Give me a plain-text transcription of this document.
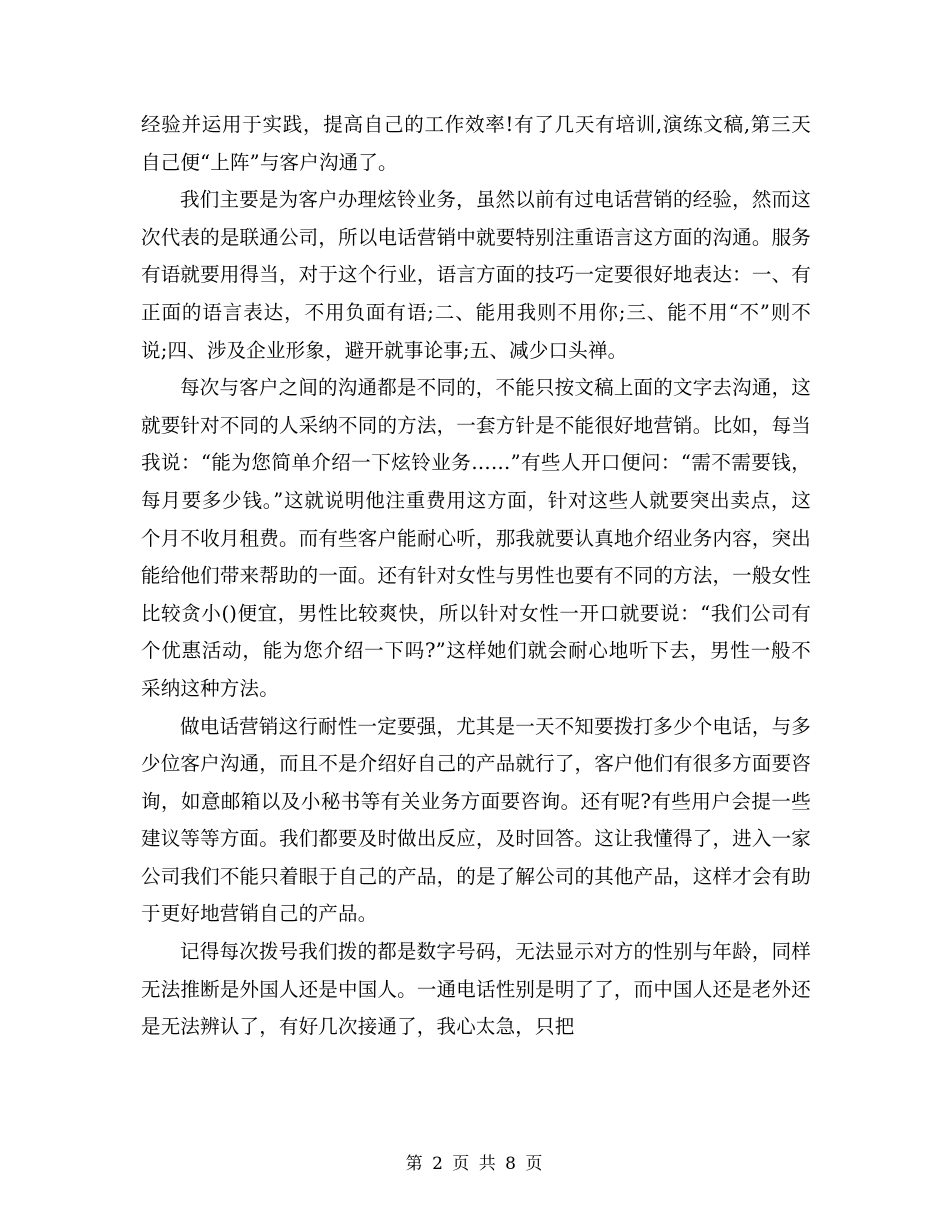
经验并运用于实践，提高自己的工作效率!有了几天有培训,演练文稿,第三天自己便“上阵”与客户沟通了。

我们主要是为客户办理炫铃业务，虽然以前有过电话营销的经验，然而这次代表的是联通公司，所以电话营销中就要特别注重语言这方面的沟通。服务有语就要用得当，对于这个行业，语言方面的技巧一定要很好地表达：一、有正面的语言表达，不用负面有语;二、能用我则不用你;三、能不用“不”则不说;四、涉及企业形象，避开就事论事;五、减少口头禅。

每次与客户之间的沟通都是不同的，不能只按文稿上面的文字去沟通，这就要针对不同的人采纳不同的方法，一套方针是不能很好地营销。比如，每当我说：“能为您简单介绍一下炫铃业务……”有些人开口便问：“需不需要钱，每月要多少钱。”这就说明他注重费用这方面，针对这些人就要突出卖点，这个月不收月租费。而有些客户能耐心听，那我就要认真地介绍业务内容，突出能给他们带来帮助的一面。还有针对女性与男性也要有不同的方法，一般女性比较贪小()便宜，男性比较爽快，所以针对女性一开口就要说：“我们公司有个优惠活动，能为您介绍一下吗?”这样她们就会耐心地听下去，男性一般不采纳这种方法。

做电话营销这行耐性一定要强，尤其是一天不知要拨打多少个电话，与多少位客户沟通，而且不是介绍好自己的产品就行了，客户他们有很多方面要咨询，如意邮箱以及小秘书等有关业务方面要咨询。还有呢?有些用户会提一些建议等等方面。我们都要及时做出反应，及时回答。这让我懂得了，进入一家公司我们不能只着眼于自己的产品，的是了解公司的其他产品，这样才会有助于更好地营销自己的产品。

记得每次拨号我们拨的都是数字号码，无法显示对方的性别与年龄，同样无法推断是外国人还是中国人。一通电话性别是明了了，而中国人还是老外还是无法辨认了，有好几次接通了，我心太急，只把

第 2 页 共 8 页
